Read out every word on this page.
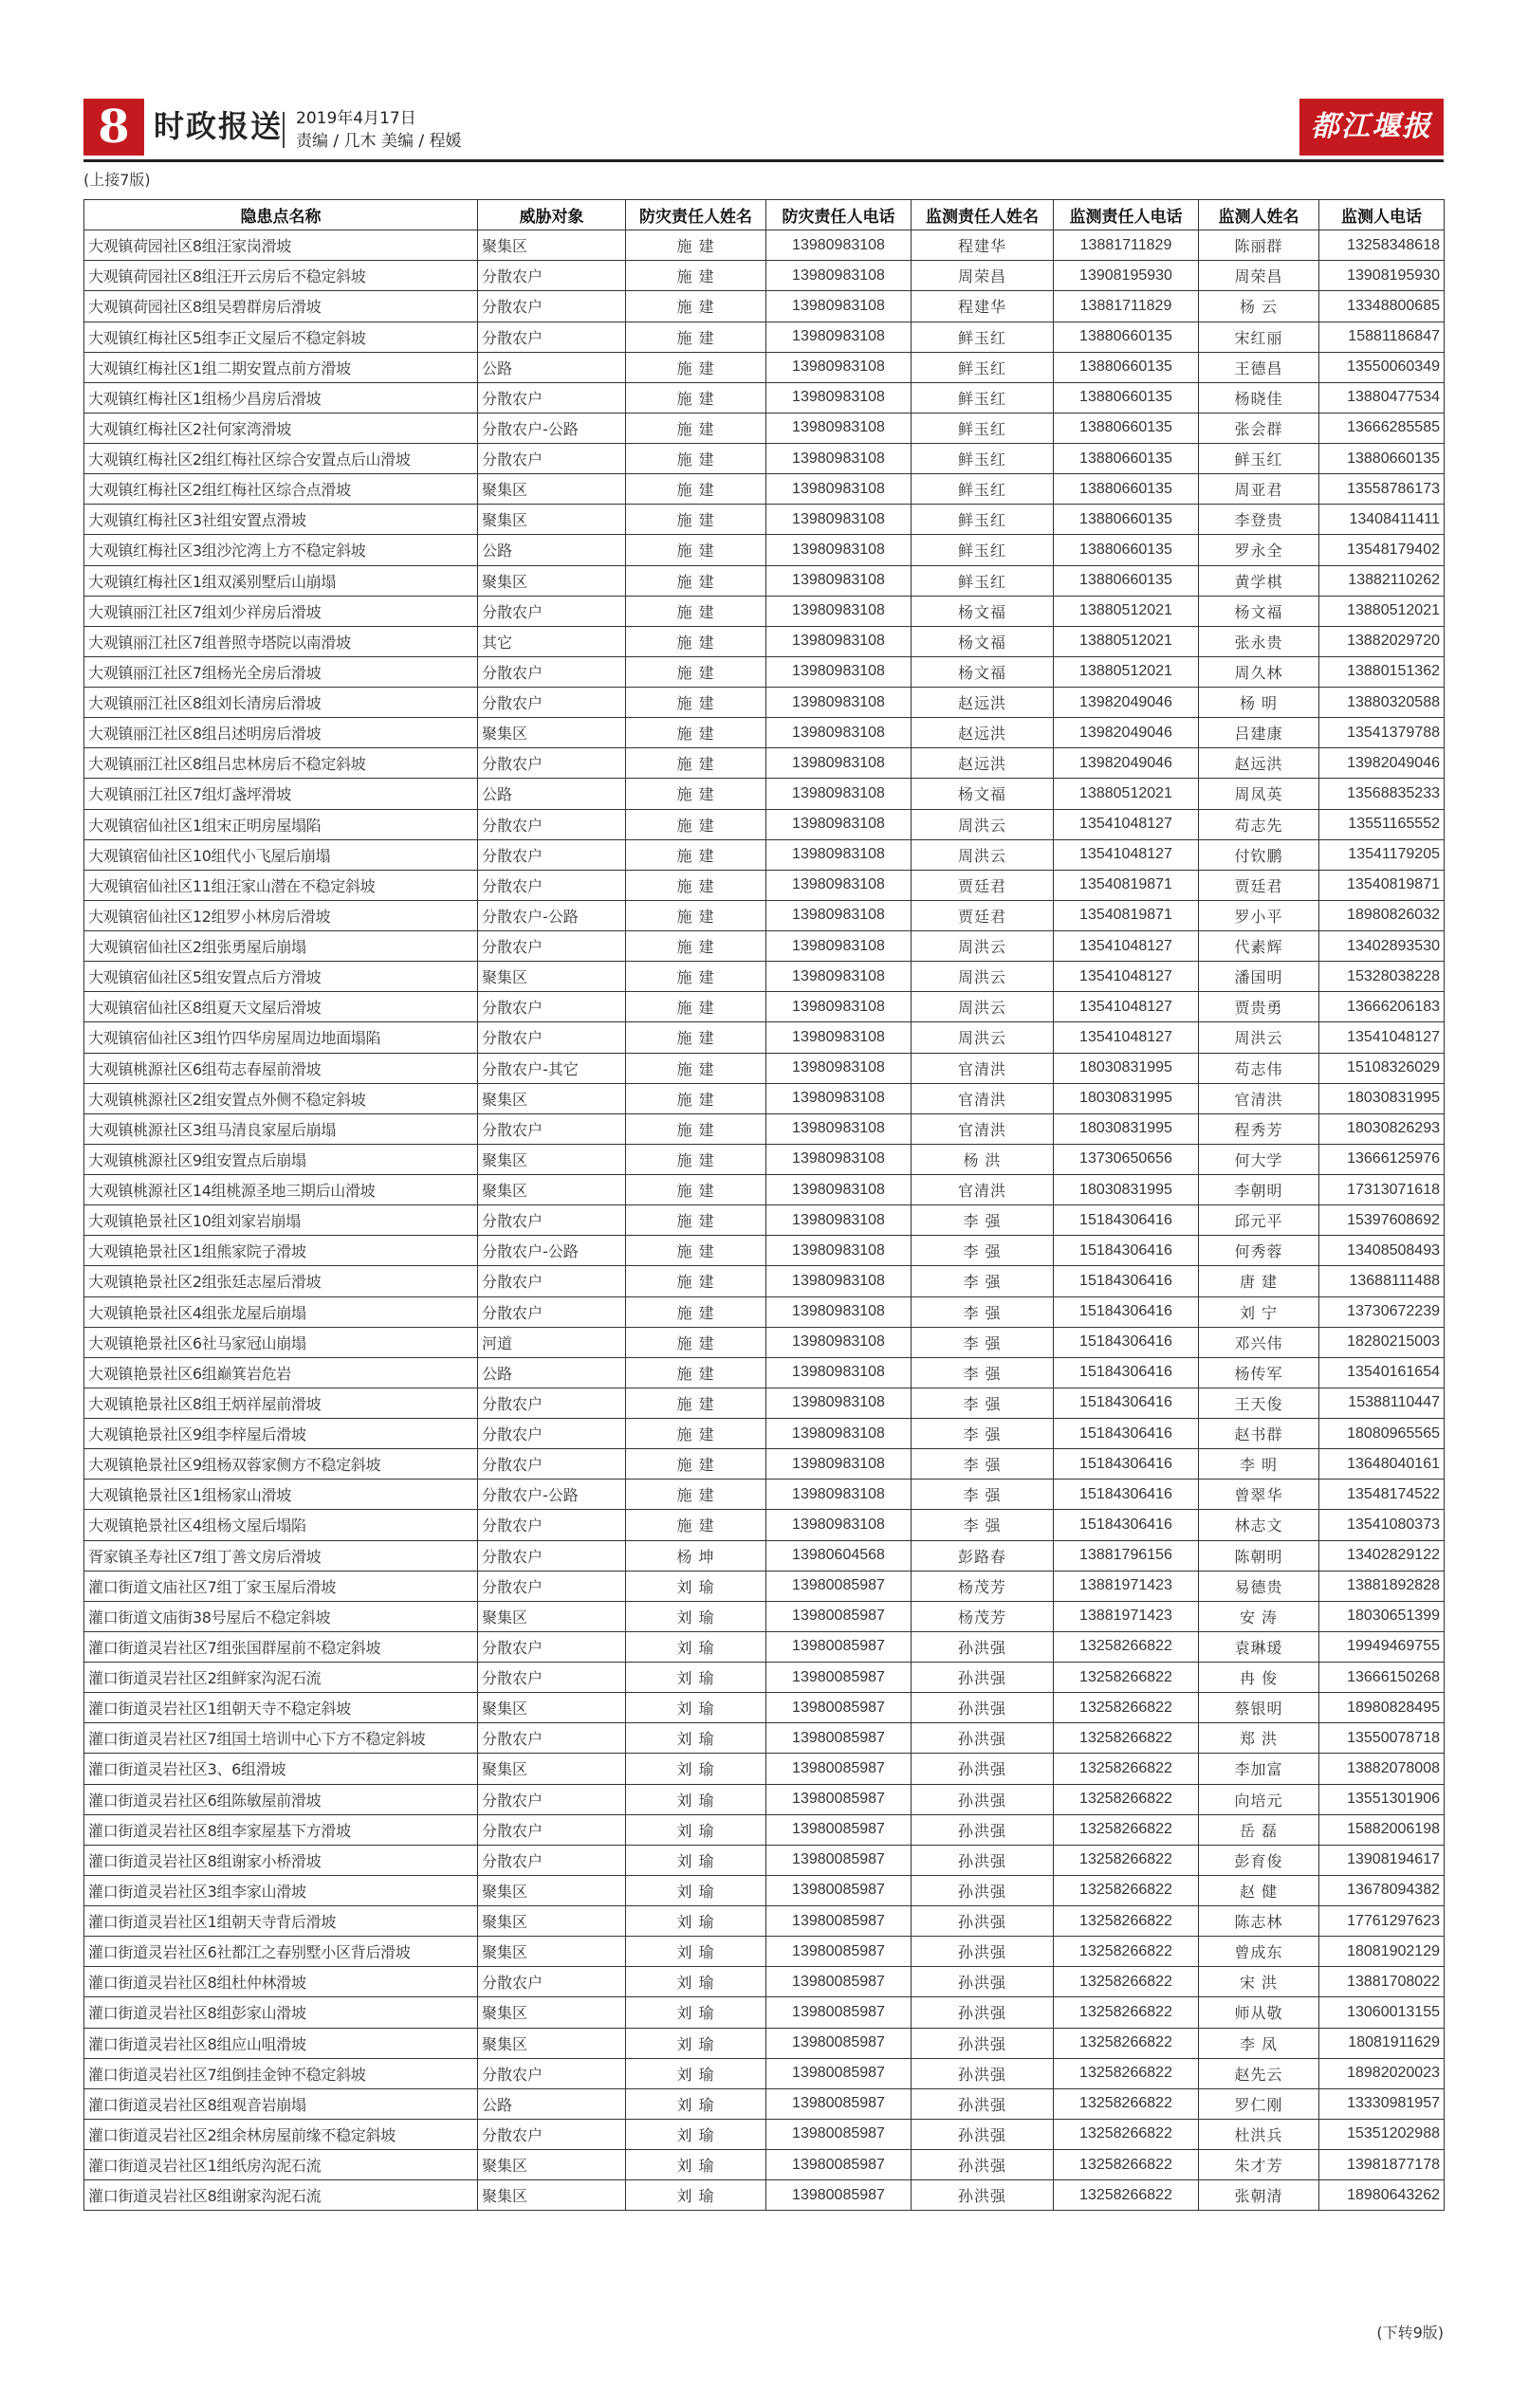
8 时政报送 2019年4月17日
责编 / 几木 美编 / 程媛	都江堰报
(上接7版)
隐患点名称	威胁对象	防灾责任人姓名	防灾责任人电话	监测责任人姓名	监测责任人电话	监测人姓名	监测人电话
大观镇荷园社区8组汪家岗滑坡	聚集区	施 建	13980983108	程建华	13881711829	陈丽群	13258348618
大观镇荷园社区8组汪开云房后不稳定斜坡	分散农户	施 建	13980983108	周荣昌	13908195930	周荣昌	13908195930
大观镇荷园社区8组吴碧群房后滑坡	分散农户	施 建	13980983108	程建华	13881711829	杨 云	13348800685
大观镇红梅社区5组李正文屋后不稳定斜坡	分散农户	施 建	13980983108	鲜玉红	13880660135	宋红丽	15881186847
大观镇红梅社区1组二期安置点前方滑坡	公路	施 建	13980983108	鲜玉红	13880660135	王德昌	13550060349
大观镇红梅社区1组杨少昌房后滑坡	分散农户	施 建	13980983108	鲜玉红	13880660135	杨晓佳	13880477534
大观镇红梅社区2社何家湾滑坡	分散农户-公路	施 建	13980983108	鲜玉红	13880660135	张会群	13666285585
大观镇红梅社区2组红梅社区综合安置点后山滑坡	分散农户	施 建	13980983108	鲜玉红	13880660135	鲜玉红	13880660135
大观镇红梅社区2组红梅社区综合点滑坡	聚集区	施 建	13980983108	鲜玉红	13880660135	周亚君	13558786173
大观镇红梅社区3社组安置点滑坡	聚集区	施 建	13980983108	鲜玉红	13880660135	李登贵	13408411411
大观镇红梅社区3组沙沱湾上方不稳定斜坡	公路	施 建	13980983108	鲜玉红	13880660135	罗永全	13548179402
大观镇红梅社区1组双溪别墅后山崩塌	聚集区	施 建	13980983108	鲜玉红	13880660135	黄学棋	13882110262
大观镇丽江社区7组刘少祥房后滑坡	分散农户	施 建	13980983108	杨文福	13880512021	杨文福	13880512021
大观镇丽江社区7组普照寺塔院以南滑坡	其它	施 建	13980983108	杨文福	13880512021	张永贵	13882029720
大观镇丽江社区7组杨光全房后滑坡	分散农户	施 建	13980983108	杨文福	13880512021	周久林	13880151362
大观镇丽江社区8组刘长清房后滑坡	分散农户	施 建	13980983108	赵远洪	13982049046	杨 明	13880320588
大观镇丽江社区8组吕述明房后滑坡	聚集区	施 建	13980983108	赵远洪	13982049046	吕建康	13541379788
大观镇丽江社区8组吕忠林房后不稳定斜坡	分散农户	施 建	13980983108	赵远洪	13982049046	赵远洪	13982049046
大观镇丽江社区7组灯盏坪滑坡	公路	施 建	13980983108	杨文福	13880512021	周凤英	13568835233
大观镇宿仙社区1组宋正明房屋塌陷	分散农户	施 建	13980983108	周洪云	13541048127	苟志先	13551165552
大观镇宿仙社区10组代小飞屋后崩塌	分散农户	施 建	13980983108	周洪云	13541048127	付钦鹏	13541179205
大观镇宿仙社区11组汪家山潜在不稳定斜坡	分散农户	施 建	13980983108	贾廷君	13540819871	贾廷君	13540819871
大观镇宿仙社区12组罗小林房后滑坡	分散农户-公路	施 建	13980983108	贾廷君	13540819871	罗小平	18980826032
大观镇宿仙社区2组张勇屋后崩塌	分散农户	施 建	13980983108	周洪云	13541048127	代素辉	13402893530
大观镇宿仙社区5组安置点后方滑坡	聚集区	施 建	13980983108	周洪云	13541048127	潘国明	15328038228
大观镇宿仙社区8组夏天文屋后滑坡	分散农户	施 建	13980983108	周洪云	13541048127	贾贵勇	13666206183
大观镇宿仙社区3组竹四华房屋周边地面塌陷	分散农户	施 建	13980983108	周洪云	13541048127	周洪云	13541048127
大观镇桃源社区6组苟志春屋前滑坡	分散农户-其它	施 建	13980983108	官清洪	18030831995	苟志伟	15108326029
大观镇桃源社区2组安置点外侧不稳定斜坡	聚集区	施 建	13980983108	官清洪	18030831995	官清洪	18030831995
大观镇桃源社区3组马清良家屋后崩塌	分散农户	施 建	13980983108	官清洪	18030831995	程秀芳	18030826293
大观镇桃源社区9组安置点后崩塌	聚集区	施 建	13980983108	杨 洪	13730650656	何大学	13666125976
大观镇桃源社区14组桃源圣地三期后山滑坡	聚集区	施 建	13980983108	官清洪	18030831995	李朝明	17313071618
大观镇艳景社区10组刘家岩崩塌	分散农户	施 建	13980983108	李 强	15184306416	邱元平	15397608692
大观镇艳景社区1组熊家院子滑坡	分散农户-公路	施 建	13980983108	李 强	15184306416	何秀蓉	13408508493
大观镇艳景社区2组张廷志屋后滑坡	分散农户	施 建	13980983108	李 强	15184306416	唐 建	13688111488
大观镇艳景社区4组张龙屋后崩塌	分散农户	施 建	13980983108	李 强	15184306416	刘 宁	13730672239
大观镇艳景社区6社马家冠山崩塌	河道	施 建	13980983108	李 强	15184306416	邓兴伟	18280215003
大观镇艳景社区6组巅箕岩危岩	公路	施 建	13980983108	李 强	15184306416	杨传军	13540161654
大观镇艳景社区8组王炳祥屋前滑坡	分散农户	施 建	13980983108	李 强	15184306416	王天俊	15388110447
大观镇艳景社区9组李梓屋后滑坡	分散农户	施 建	13980983108	李 强	15184306416	赵书群	18080965565
大观镇艳景社区9组杨双蓉家侧方不稳定斜坡	分散农户	施 建	13980983108	李 强	15184306416	李 明	13648040161
大观镇艳景社区1组杨家山滑坡	分散农户-公路	施 建	13980983108	李 强	15184306416	曾翠华	13548174522
大观镇艳景社区4组杨文屋后塌陷	分散农户	施 建	13980983108	李 强	15184306416	林志文	13541080373
胥家镇圣寿社区7组丁善文房后滑坡	分散农户	杨 坤	13980604568	彭路春	13881796156	陈朝明	13402829122
灌口街道文庙社区7组丁家玉屋后滑坡	分散农户	刘 瑜	13980085987	杨茂芳	13881971423	易德贵	13881892828
灌口街道文庙街38号屋后不稳定斜坡	聚集区	刘 瑜	13980085987	杨茂芳	13881971423	安 涛	18030651399
灌口街道灵岩社区7组张国群屋前不稳定斜坡	分散农户	刘 瑜	13980085987	孙洪强	13258266822	袁琳瑗	19949469755
灌口街道灵岩社区2组鲜家沟泥石流	分散农户	刘 瑜	13980085987	孙洪强	13258266822	冉 俊	13666150268
灌口街道灵岩社区1组朝天寺不稳定斜坡	聚集区	刘 瑜	13980085987	孙洪强	13258266822	蔡银明	18980828495
灌口街道灵岩社区7组国土培训中心下方不稳定斜坡	分散农户	刘 瑜	13980085987	孙洪强	13258266822	郑 洪	13550078718
灌口街道灵岩社区3、6组滑坡	聚集区	刘 瑜	13980085987	孙洪强	13258266822	李加富	13882078008
灌口街道灵岩社区6组陈敏屋前滑坡	分散农户	刘 瑜	13980085987	孙洪强	13258266822	向培元	13551301906
灌口街道灵岩社区8组李家屋基下方滑坡	分散农户	刘 瑜	13980085987	孙洪强	13258266822	岳 磊	15882006198
灌口街道灵岩社区8组谢家小桥滑坡	分散农户	刘 瑜	13980085987	孙洪强	13258266822	彭育俊	13908194617
灌口街道灵岩社区3组李家山滑坡	聚集区	刘 瑜	13980085987	孙洪强	13258266822	赵 健	13678094382
灌口街道灵岩社区1组朝天寺背后滑坡	聚集区	刘 瑜	13980085987	孙洪强	13258266822	陈志林	17761297623
灌口街道灵岩社区6社都江之春别墅小区背后滑坡	聚集区	刘 瑜	13980085987	孙洪强	13258266822	曾成东	18081902129
灌口街道灵岩社区8组杜仲林滑坡	分散农户	刘 瑜	13980085987	孙洪强	13258266822	宋 洪	13881708022
灌口街道灵岩社区8组彭家山滑坡	聚集区	刘 瑜	13980085987	孙洪强	13258266822	师从敬	13060013155
灌口街道灵岩社区8组应山咀滑坡	聚集区	刘 瑜	13980085987	孙洪强	13258266822	李 凤	18081911629
灌口街道灵岩社区7组倒挂金钟不稳定斜坡	分散农户	刘 瑜	13980085987	孙洪强	13258266822	赵先云	18982020023
灌口街道灵岩社区8组观音岩崩塌	公路	刘 瑜	13980085987	孙洪强	13258266822	罗仁刚	13330981957
灌口街道灵岩社区2组余林房屋前缘不稳定斜坡	分散农户	刘 瑜	13980085987	孙洪强	13258266822	杜洪兵	15351202988
灌口街道灵岩社区1组纸房沟泥石流	聚集区	刘 瑜	13980085987	孙洪强	13258266822	朱才芳	13981877178
灌口街道灵岩社区8组谢家沟泥石流	聚集区	刘 瑜	13980085987	孙洪强	13258266822	张朝清	18980643262
(下转9版)
